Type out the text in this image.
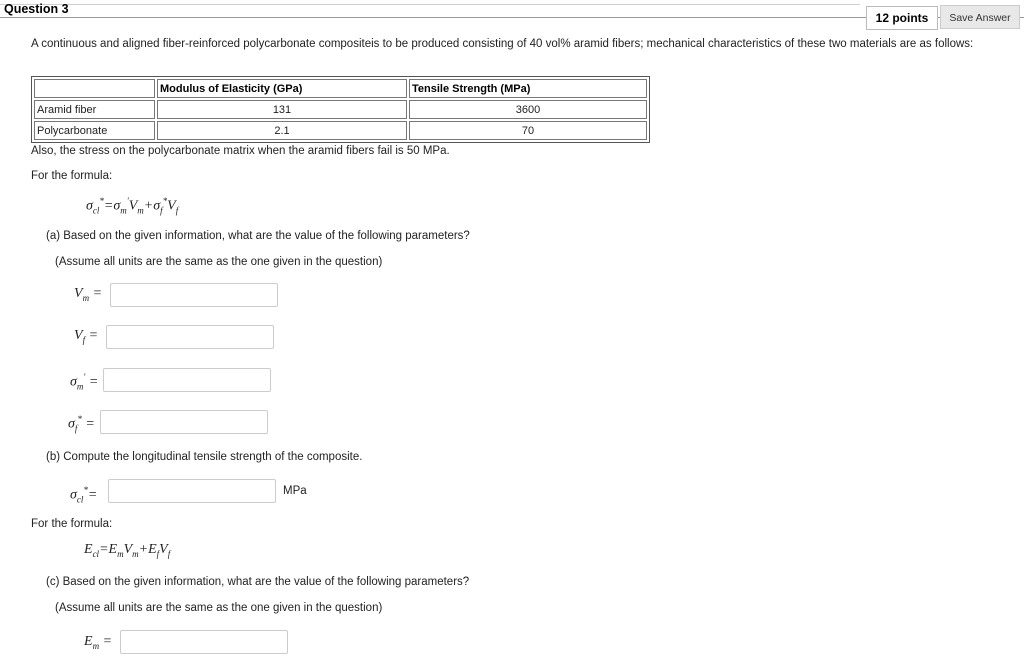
Question 3
12 points	Save Answer
A continuous and aligned fiber-reinforced polycarbonate compositeis to be produced consisting of 40 vol% aramid fibers; mechanical characteristics of these two materials are as follows:
	Modulus of Elasticity (GPa)	Tensile Strength (MPa)
Aramid fiber	131	3600
Polycarbonate	2.1	70
Also, the stress on the polycarbonate matrix when the aramid fibers fail is 50 MPa.
For the formula:
$\sigma_{cl}^*=\sigma_m'V_m+\sigma_f^*V_f$
(a) Based on the given information, what are the value of the following parameters?
(Assume all units are the same as the one given in the question)
$V_m$ =
$V_f$ =
$\sigma_m'$ =
$\sigma_f^*$ =
(b) Compute the longitudinal tensile strength of the composite.
$\sigma_{cl}^*=$	MPa
For the formula:
$E_{cl}=E_mV_m+E_fV_f$
(c) Based on the given information, what are the value of the following parameters?
(Assume all units are the same as the one given in the question)
$E_m$ =
